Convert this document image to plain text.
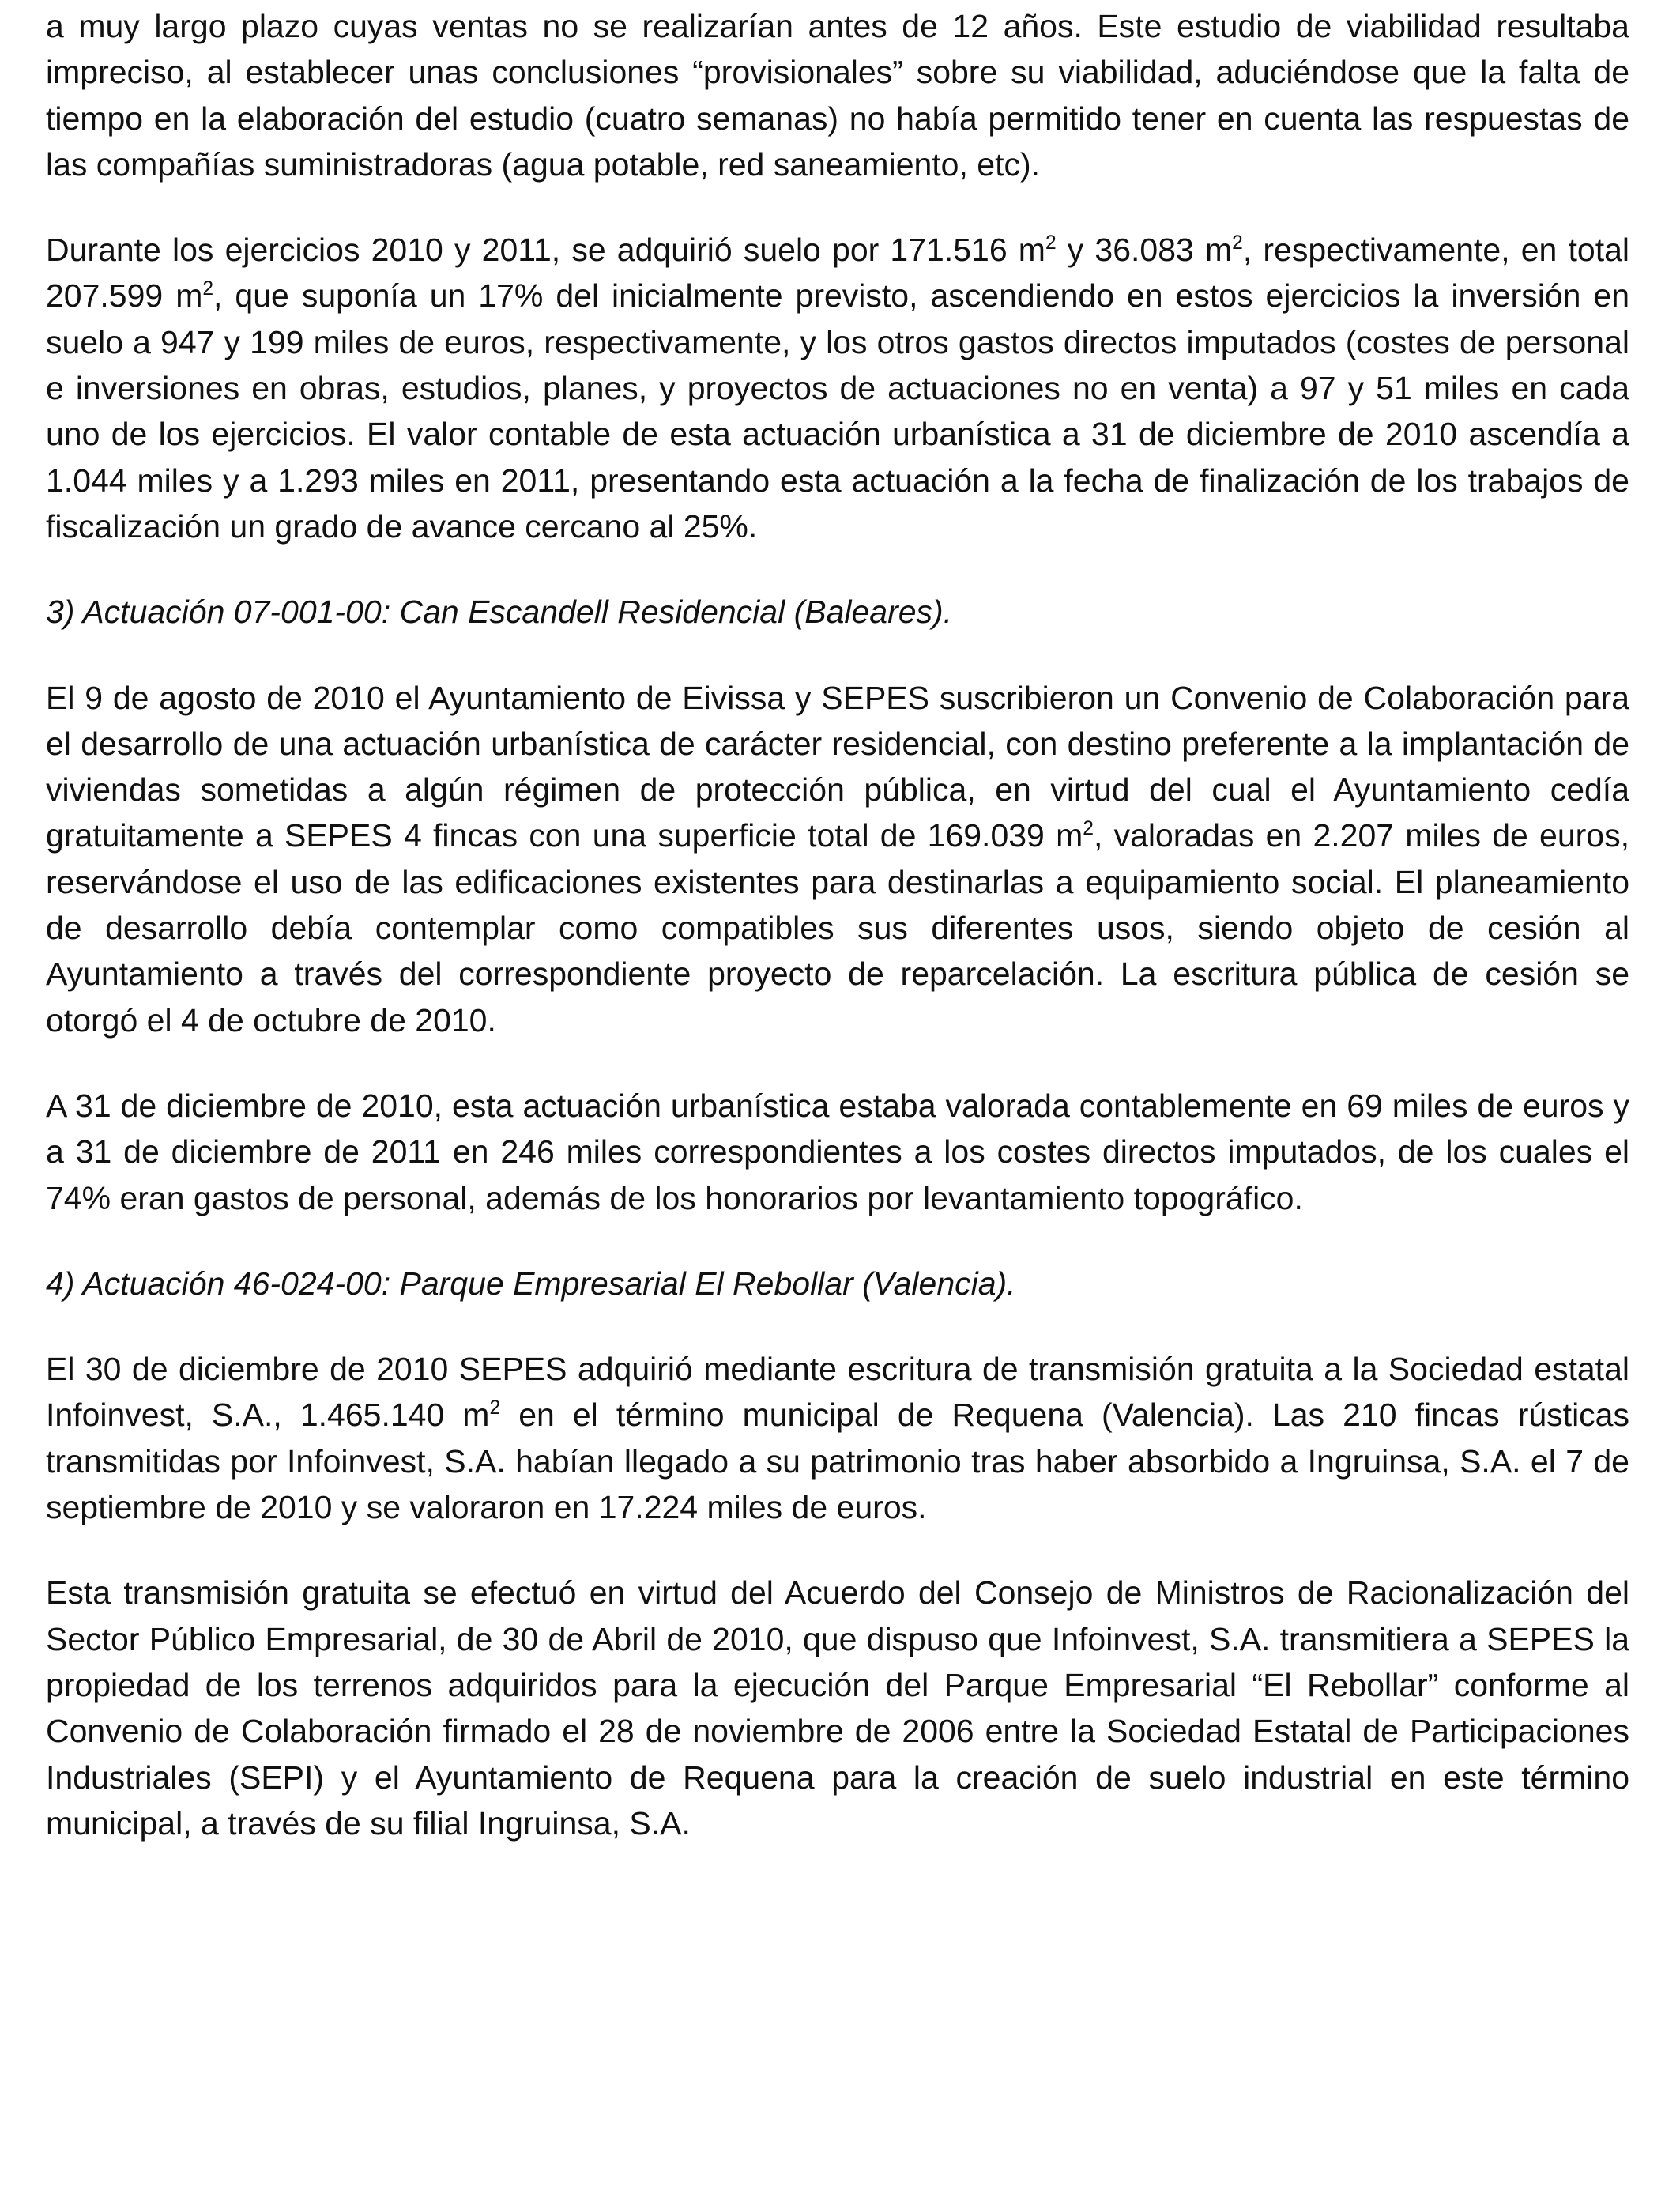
a muy largo plazo cuyas ventas no se realizarían antes de 12 años. Este estudio de viabilidad resultaba impreciso, al establecer unas conclusiones “provisionales” sobre su viabilidad, aduciéndose que la falta de tiempo en la elaboración del estudio (cuatro semanas) no había permitido tener en cuenta las respuestas de las compañías suministradoras (agua potable, red saneamiento, etc).

Durante los ejercicios 2010 y 2011, se adquirió suelo por 171.516 $m^2$ y 36.083 $m^2$, respectivamente, en total 207.599 $m^2$, que suponía un 17% del inicialmente previsto, ascendiendo en estos ejercicios la inversión en suelo a 947 y 199 miles de euros, respectivamente, y los otros gastos directos imputados (costes de personal e inversiones en obras, estudios, planes, y proyectos de actuaciones no en venta) a 97 y 51 miles en cada uno de los ejercicios. El valor contable de esta actuación urbanística a 31 de diciembre de 2010 ascendía a 1.044 miles y a 1.293 miles en 2011, presentando esta actuación a la fecha de finalización de los trabajos de fiscalización un grado de avance cercano al 25%.

3) Actuación 07-001-00: Can Escandell Residencial (Baleares).

El 9 de agosto de 2010 el Ayuntamiento de Eivissa y SEPES suscribieron un Convenio de Colaboración para el desarrollo de una actuación urbanística de carácter residencial, con destino preferente a la implantación de viviendas sometidas a algún régimen de protección pública, en virtud del cual el Ayuntamiento cedía gratuitamente a SEPES 4 fincas con una superficie total de 169.039 $m^2$, valoradas en 2.207 miles de euros, reservándose el uso de las edificaciones existentes para destinarlas a equipamiento social. El planeamiento de desarrollo debía contemplar como compatibles sus diferentes usos, siendo objeto de cesión al Ayuntamiento a través del correspondiente proyecto de reparcelación. La escritura pública de cesión se otorgó el 4 de octubre de 2010.

A 31 de diciembre de 2010, esta actuación urbanística estaba valorada contablemente en 69 miles de euros y a 31 de diciembre de 2011 en 246 miles correspondientes a los costes directos imputados, de los cuales el 74% eran gastos de personal, además de los honorarios por levantamiento topográfico.

4) Actuación 46-024-00: Parque Empresarial El Rebollar (Valencia).

El 30 de diciembre de 2010 SEPES adquirió mediante escritura de transmisión gratuita a la Sociedad estatal Infoinvest, S.A., 1.465.140 $m^2$ en el término municipal de Requena (Valencia). Las 210 fincas rústicas transmitidas por Infoinvest, S.A. habían llegado a su patrimonio tras haber absorbido a Ingruinsa, S.A. el 7 de septiembre de 2010 y se valoraron en 17.224 miles de euros.

Esta transmisión gratuita se efectuó en virtud del Acuerdo del Consejo de Ministros de Racionalización del Sector Público Empresarial, de 30 de Abril de 2010, que dispuso que Infoinvest, S.A. transmitiera a SEPES la propiedad de los terrenos adquiridos para la ejecución del Parque Empresarial “El Rebollar” conforme al Convenio de Colaboración firmado el 28 de noviembre de 2006 entre la Sociedad Estatal de Participaciones Industriales (SEPI) y el Ayuntamiento de Requena para la creación de suelo industrial en este término municipal, a través de su filial Ingruinsa, S.A.
